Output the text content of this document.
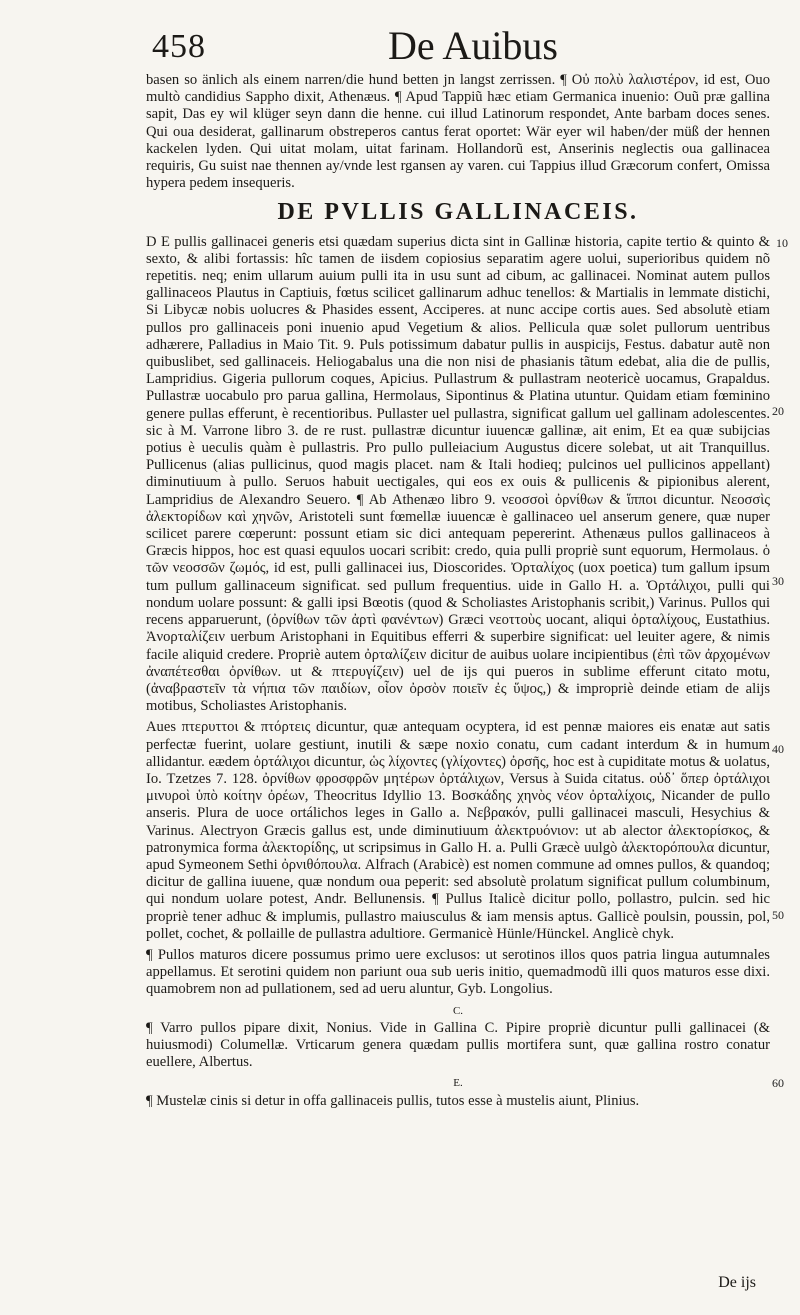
458	De Auibus

basen so änlich als einem narren/die hund betten jn langst zerrissen. ¶ Οὐ πολὺ λαλιστέρον, id est, Ouo multò candidius Sappho dixit, Athenæus. ¶ Apud Tappiũ hæc etiam Germanica inuenio: Ouũ præ gallina sapit, Das ey wil klüger seyn dann die henne. cui illud Latinorum respondet, Ante barbam doces senes. Qui oua desiderat, gallinarum obstreperos cantus ferat oportet: Wär eyer wil haben/der müß der hennen kackelen lyden. Qui uitat molam, uitat farinam. Hollandorũ est, Anserinis neglectis oua gallinacea requiris, Gu suist nae thennen ay/vnde lest rgansen ay varen. cui Tappius illud Græcorum confert, Omissa hypera pedem insequeris.

DE PVLLIS GALLINACEIS.

D E pullis gallinacei generis etsi quædam superius dicta sint in Gallinæ historia, capite tertio & quinto & sexto, & alibi fortassis: hîc tamen de iisdem copiosius separatim agere uolui, superioribus quidem nõ repetitis. neq; enim ullarum auium pulli ita in usu sunt ad cibum, ac gallinacei. Nominat autem pullos gallinaceos Plautus in Captiuis, fœtus scilicet gallinarum adhuc tenellos: & Martialis in lemmate distichi, Si Libycæ nobis uolucres & Phasides essent, Acciperes. at nunc accipe cortis aues. Sed absolutè etiam pullos pro gallinaceis poni inuenio apud Vegetium & alios. Pellicula quæ solet pullorum uentribus adhærere, Palladius in Maio Tit. 9. Puls potissimum dabatur pullis in auspicijs, Festus. dabatur autẽ non quibuslibet, sed gallinaceis. Heliogabalus una die non nisi de phasianis tãtum edebat, alia die de pullis, Lampridius. Gigeria pullorum coques, Apicius. Pullastrum & pullastram neotericè uocamus, Grapaldus. Pullastræ uocabulo pro parua gallina, Hermolaus, Sipontinus & Platina utuntur. Quidam etiam fœminino genere pullas efferunt, è recentioribus. Pullaster uel pullastra, significat gallum uel gallinam adolescentes. sic à M. Varrone libro 3. de re rust. pullastræ dicuntur iuuencæ gallinæ, ait enim, Et ea quæ subijcias potius è ueculis quàm è pullastris. Pro pullo pulleiacium Augustus dicere solebat, ut ait Tranquillus. Pullicenus (alias pullicinus, quod magis placet. nam & Itali hodieq; pulcinos uel pullicinos appellant) diminutiuum à pullo. Seruos habuit uectigales, qui eos ex ouis & pullicenis & pipionibus alerent, Lampridius de Alexandro Seuero. ¶ Ab Athenæo libro 9. νεοσσοὶ ὀρνίθων & ἵπποι dicuntur. Νεοσσὶς ἀλεκτορίδων καὶ χηνῶν, Aristoteli sunt fœmellæ iuuencæ è gallinaceo uel anserum genere, quæ nuper scilicet parere cœperunt: possunt etiam sic dici antequam pepererint. Athenæus pullos gallinaceos à Græcis hippos, hoc est quasi equulos uocari scribit: credo, quia pulli propriè sunt equorum, Hermolaus. ὁ τῶν νεοσσῶν ζωμός, id est, pulli gallinacei ius, Dioscorides. Ὀρταλίχος (uox poetica) tum gallum ipsum tum pullum gallinaceum significat. sed pullum frequentius. uide in Gallo H. a. Ὀρτάλιχοι, pulli qui nondum uolare possunt: & galli ipsi Bœotis (quod & Scholiastes Aristophanis scribit,) Varinus. Pullos qui recens apparuerunt, (ὀρνίθων τῶν ἀρτὶ φανέντων) Græci νεοττοὺς uocant, aliqui ὀρταλίχους, Eustathius. Ἀνορταλίζειν uerbum Aristophani in Equitibus efferri & superbire significat: uel leuiter agere, & nimis facile aliquid credere. Propriè autem ὀρταλίζειν dicitur de auibus uolare incipientibus (ἐπὶ τῶν ἀρχομένων ἀναπέτεσθαι ὀρνίθων. ut & πτερυγίζειν) uel de ijs qui pueros in sublime efferunt citato motu, (ἀναβραστεῖν τὰ νήπια τῶν παιδίων, οἷον ὀρσὸν ποιεῖν ἐς ὕψος,) & impropriè deinde etiam de alijs motibus, Scholiastes Aristophanis.

Aues πτερυττοι & πτόρτεις dicuntur, quæ antequam ocyptera, id est pennæ maiores eis enatæ aut satis perfectæ fuerint, uolare gestiunt, inutili & sæpe noxio conatu, cum cadant interdum & in humum allidantur. eædem ὀρτάλιχοι dicuntur, ὡς λίχοντες (γλίχοντες) ὀρσῆς, hoc est à cupiditate motus & uolatus, Io. Tzetzes 7. 128. ὀρνίθων φροσφρῶν μητέρων ὀρτάλιχων, Versus à Suida citatus. οὐδ᾽ ὅπερ ὀρτάλιχοι μινυροὶ ὑπὸ κοίτην ὀρέων, Theocritus Idyllio 13. Βοσκάδης χηνὸς νέον ὀρταλίχοις, Nicander de pullo anseris. Plura de uoce ortálichos leges in Gallo a. Νεβρακόν, pulli gallinacei masculi, Hesychius & Varinus. Alectryon Græcis gallus est, unde diminutiuum ἀλεκτρυόνιον: ut ab alector ἀλεκτορίσκος, & patronymica forma ἀλεκτορίδης, ut scripsimus in Gallo H. a. Pulli Græcè uulgò ἀλεκτορόπουλα dicuntur, apud Symeonem Sethi ὀρνιθόπουλα. Alfrach (Arabicè) est nomen commune ad omnes pullos, & quandoq; dicitur de gallina iuuene, quæ nondum oua peperit: sed absolutè prolatum significat pullum columbinum, qui nondum uolare potest, Andr. Bellunensis. ¶ Pullus Italicè dicitur pollo, pollastro, pulcin. sed hic propriè tener adhuc & implumis, pullastro maiusculus & iam mensis aptus. Gallicè poulsin, poussin, pol, pollet, cochet, & pollaille de pullastra adultiore. Germanicè Hünle/Hünckel. Anglicè chyk.

¶ Pullos maturos dicere possumus primo uere exclusos: ut serotinos illos quos patria lingua autumnales appellamus. Et serotini quidem non pariunt oua sub ueris initio, quemadmodũ illi quos maturos esse dixi. quamobrem non ad pullationem, sed ad ueru aluntur, Gyb. Longolius.

C.

¶ Varro pullos pipare dixit, Nonius. Vide in Gallina C. Pipire propriè dicuntur pulli gallinacei (& huiusmodi) Columellæ. Vrticarum genera quædam pullis mortifera sunt, quæ gallina rostro conatur euellere, Albertus.

E.

¶ Mustelæ cinis si detur in offa gallinaceis pullis, tutos esse à mustelis aiunt, Plinius.

10
20
30
40
50
60
De ijs
